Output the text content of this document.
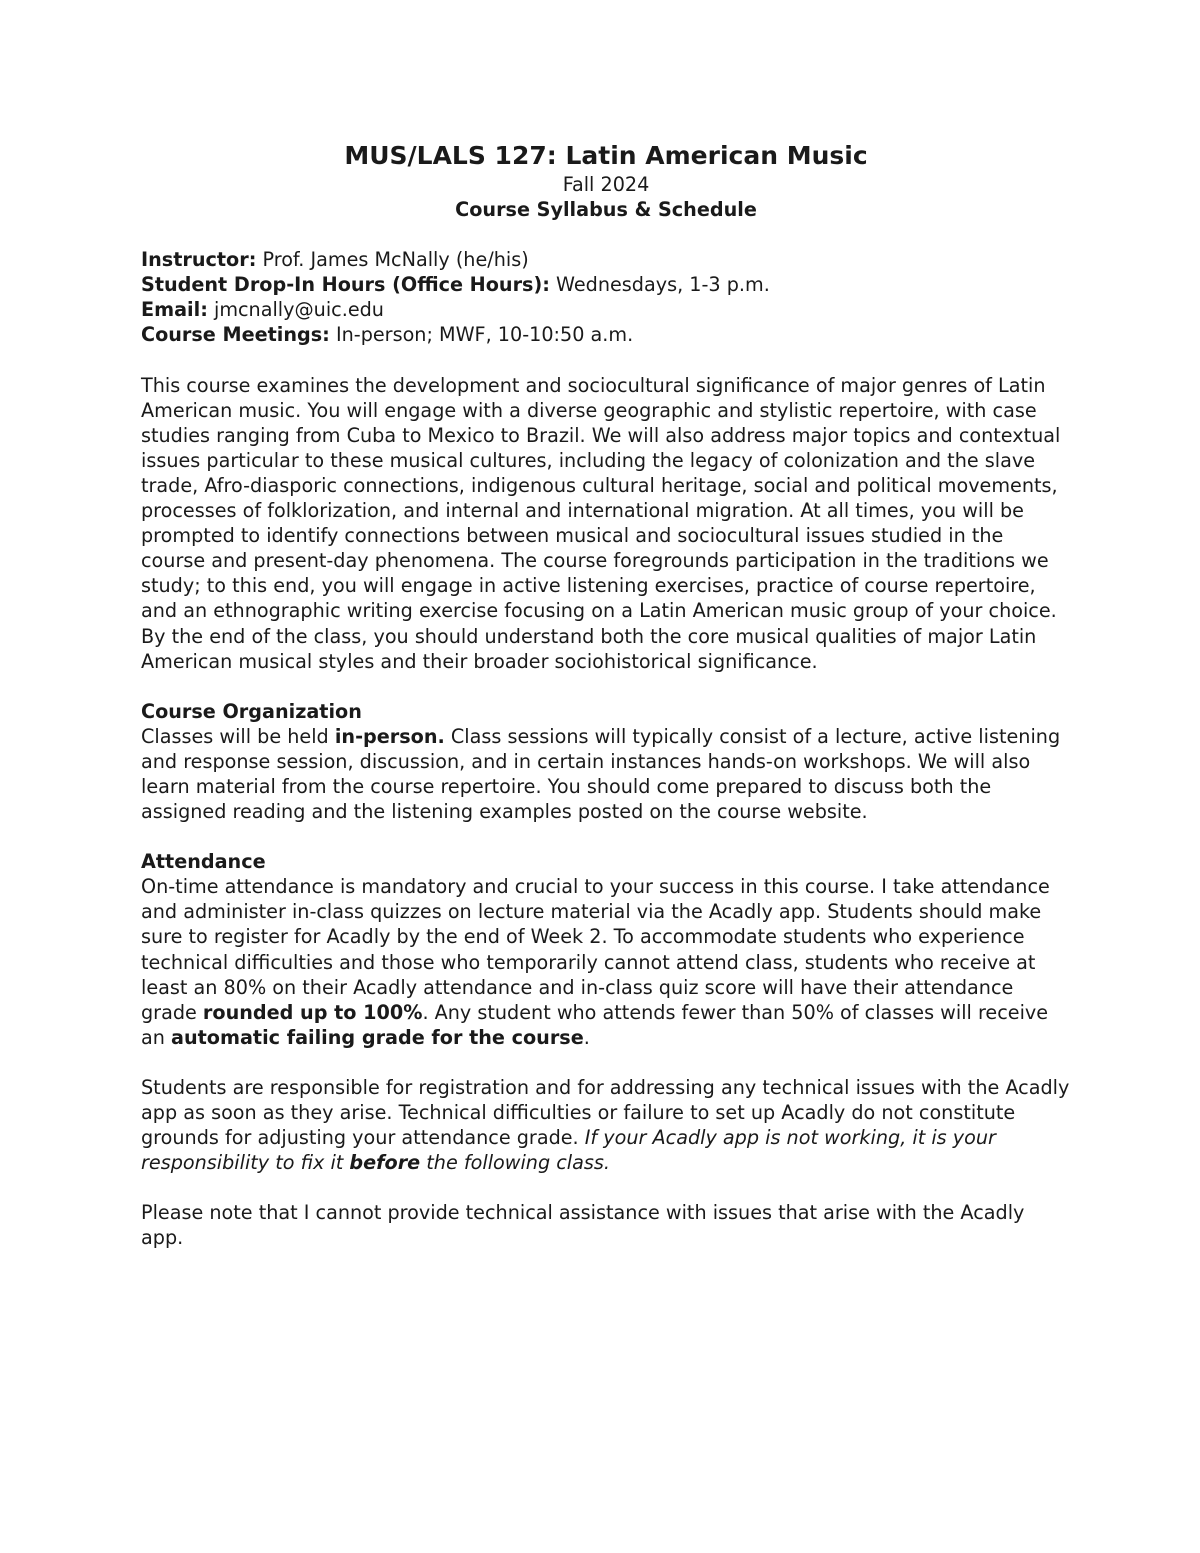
MUS/LALS 127: Latin American Music

Fall 2024

Course Syllabus & Schedule

Instructor: Prof. James McNally (he/his)
Student Drop-In Hours (Office Hours): Wednesdays, 1-3 p.m.
Email: jmcnally@uic.edu
Course Meetings: In-person; MWF, 10-10:50 a.m.

This course examines the development and sociocultural significance of major genres of Latin American music. You will engage with a diverse geographic and stylistic repertoire, with case studies ranging from Cuba to Mexico to Brazil. We will also address major topics and contextual issues particular to these musical cultures, including the legacy of colonization and the slave trade, Afro-diasporic connections, indigenous cultural heritage, social and political movements, processes of folklorization, and internal and international migration. At all times, you will be prompted to identify connections between musical and sociocultural issues studied in the course and present-day phenomena. The course foregrounds participation in the traditions we study; to this end, you will engage in active listening exercises, practice of course repertoire, and an ethnographic writing exercise focusing on a Latin American music group of your choice. By the end of the class, you should understand both the core musical qualities of major Latin American musical styles and their broader sociohistorical significance.

Course Organization

Classes will be held in-person. Class sessions will typically consist of a lecture, active listening and response session, discussion, and in certain instances hands-on workshops. We will also learn material from the course repertoire. You should come prepared to discuss both the assigned reading and the listening examples posted on the course website.

Attendance

On-time attendance is mandatory and crucial to your success in this course. I take attendance and administer in-class quizzes on lecture material via the Acadly app. Students should make sure to register for Acadly by the end of Week 2. To accommodate students who experience technical difficulties and those who temporarily cannot attend class, students who receive at least an 80% on their Acadly attendance and in-class quiz score will have their attendance grade rounded up to 100%. Any student who attends fewer than 50% of classes will receive an automatic failing grade for the course.

Students are responsible for registration and for addressing any technical issues with the Acadly app as soon as they arise. Technical difficulties or failure to set up Acadly do not constitute grounds for adjusting your attendance grade. If your Acadly app is not working, it is your responsibility to fix it before the following class.

Please note that I cannot provide technical assistance with issues that arise with the Acadly app.
